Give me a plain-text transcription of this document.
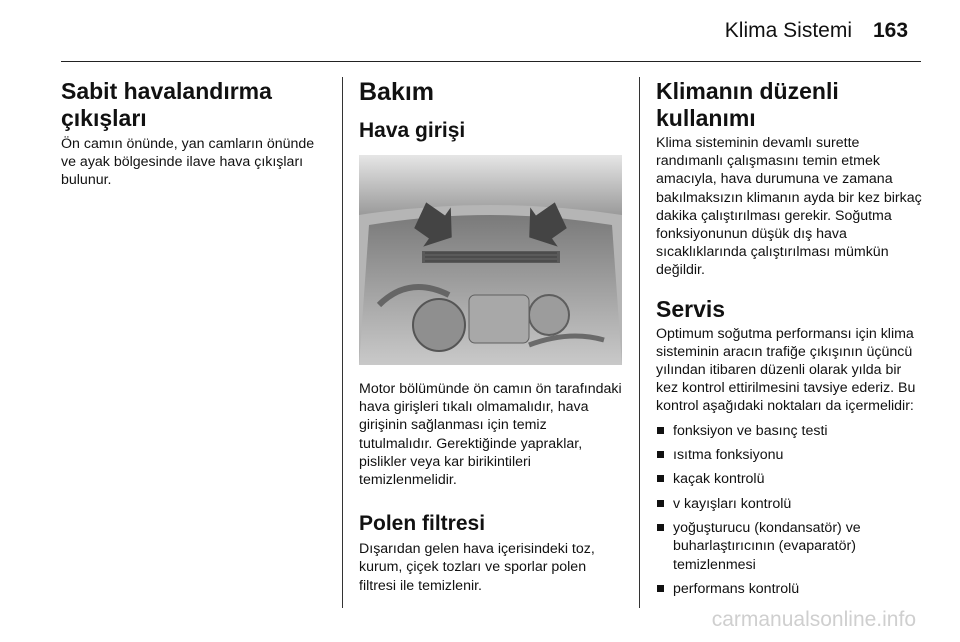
Klima Sistemi 163
Sabit havalandırma çıkışları

Ön camın önünde, yan camların önünde ve ayak bölgesinde ilave hava çıkışları bulunur.

Bakım
Hava girişi

Motor bölümünde ön camın ön tarafındaki hava girişleri tıkalı olmamalıdır, hava girişinin sağlanması için temiz tutulmalıdır. Gerektiğinde yapraklar, pislikler veya kar birikintileri temizlenmelidir.

Polen filtresi

Dışarıdan gelen hava içerisindeki toz, kurum, çiçek tozları ve sporlar polen filtresi ile temizlenir.

Klimanın düzenli kullanımı

Klima sisteminin devamlı surette randımanlı çalışmasını temin etmek amacıyla, hava durumuna ve zamana bakılmaksızın klimanın ayda bir kez birkaç dakika çalıştırılması gerekir. Soğutma fonksiyonunun düşük dış hava sıcaklıklarında çalıştırılması mümkün değildir.

Servis

Optimum soğutma performansı için klima sisteminin aracın trafiğe çıkışının üçüncü yılından itibaren düzenli olarak yılda bir kez kontrol ettirilmesini tavsiye ederiz. Bu kontrol aşağıdaki noktaları da içermelidir:

fonksiyon ve basınç testi
ısıtma fonksiyonu
kaçak kontrolü
v kayışları kontrolü
yoğuşturucu (kondansatör) ve buharlaştırıcının (evaparatör) temizlenmesi
performans kontrolü
carmanualsonline.info
